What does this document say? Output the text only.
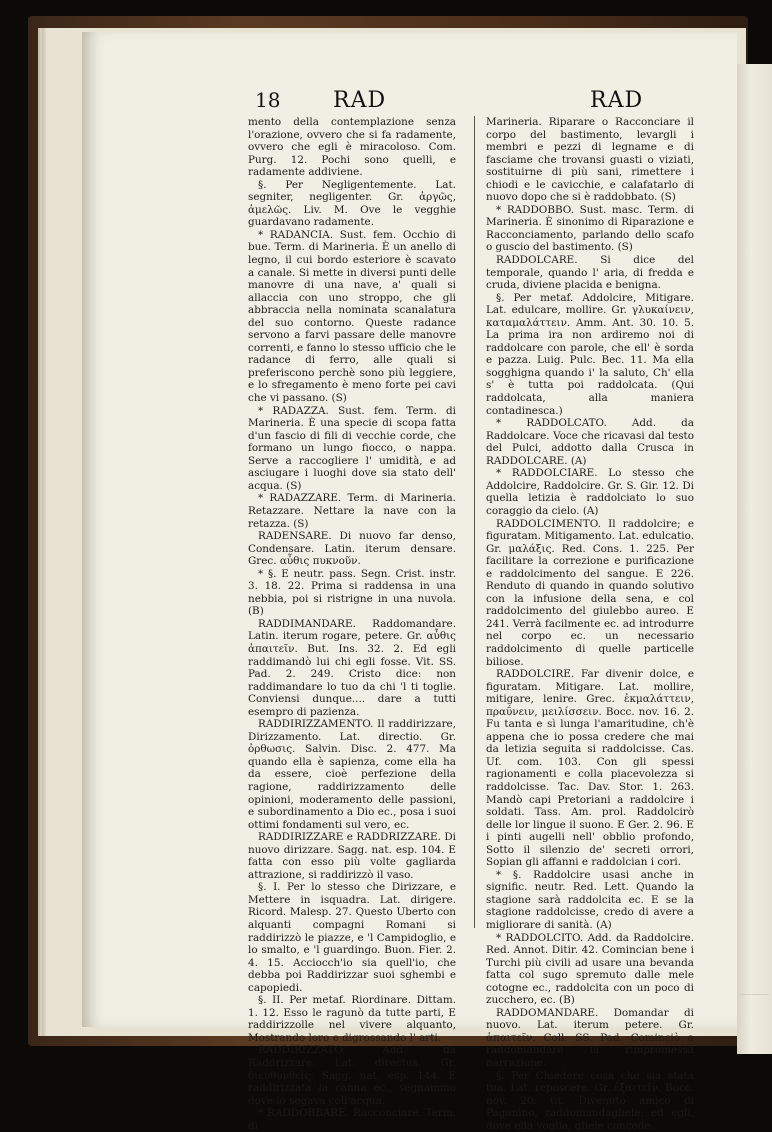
18 RAD	RAD

mento della contemplazione senza l'orazione, ovvero che si fa radamente, ovvero che egli è miracoloso. Com. Purg. 12. Pochi sono quelli, e radamente addiviene.

§. Per Negligentemente. Lat. segniter, negligenter. Gr. ἀργῶς, ἀμελῶς. Liv. M. Ove le vegghie guardavano radamente.

* RADANCIA. Sust. fem. Occhio di bue. Term. di Marineria. È un anello di legno, il cui bordo esteriore è scavato a canale. Si mette in diversi punti delle manovre di una nave, a' quali si allaccia con uno stroppo, che gli abbraccia nella nominata scanalatura del suo contorno. Queste radance servono a farvi passare delle manovre correnti, e fanno lo stesso ufficio che le radance di ferro, alle quali si preferiscono perchè sono più leggiere, e lo sfregamento è meno forte pei cavi che vi passano. (S)

* RADAZZA. Sust. fem. Term. di Marineria. È una specie di scopa fatta d'un fascio di fili di vecchie corde, che formano un lungo fiocco, o nappa. Serve a raccogliere l' umidità, e ad asciugare i luoghi dove sia stato dell' acqua. (S)

* RADAZZARE. Term. di Marineria. Retazzare. Nettare la nave con la retazza. (S)

RADENSARE. Di nuovo far denso, Condensare. Latin. iterum densare. Grec. αὖθις πυκνοῦν.

* §. E neutr. pass. Segn. Crist. instr. 3. 18. 22. Prima si raddensa in una nebbia, poi si ristrigne in una nuvola. (B)

RADDIMANDARE. Raddomandare. Latin. iterum rogare, petere. Gr. αὖθις ἀπαιτεῖν. But. Ins. 32. 2. Ed egli raddimandò lui chi egli fosse. Vit. SS. Pad. 2. 249. Cristo dice: non raddimandare lo tuo da chi 'l ti toglie. Conviensi dunque.... dare a tutti esempro di pazienza.

RADDIRIZZAMENTO. Il raddirizzare, Dirizzamento. Lat. directio. Gr. ὀρθωσις. Salvin. Disc. 2. 477. Ma quando ella è sapienza, come ella ha da essere, cioè perfezione della ragione, raddirizzamento delle opinioni, moderamento delle passioni, e subordinamento a Dio ec., posa i suoi ottimi fondamenti sul vero, ec.

RADDIRIZZARE e RADDRIZZARE. Di nuovo dirizzare. Sagg. nat. esp. 104. E fatta con esso più volte gagliarda attrazione, si raddirizzò il vaso.

§. I. Per lo stesso che Dirizzare, e Mettere in isquadra. Lat. dirigere. Ricord. Malesp. 27. Questo Uberto con alquanti compagni Romani si raddirizzò le piazze, e 'l Campidoglio, e lo smalto, e 'l guardingo. Buon. Fier. 2. 4. 15. Acciocch'io sia quell'io, che debba poi Raddirizzar suoi sghembi e capopiedi.

§. II. Per metaf. Riordinare. Dittam. 1. 12. Esso le ragunò da tutte parti, E raddirizzolle nel vivere alquanto, Mostrando loro e digrossando l' arti.

RADDIRIZZATO. Add. da Raddrizzare. Lat. directus. Gr. διευθυνθεὶς. Sagg. nat. esp. 144. E raddirizzata la canna ec., segnammo dove lo segava coll'acqua.

* RADDOBBARE. Racconciare. Term. di

Marineria. Riparare o Racconciare il corpo del bastimento, levargli i membri e pezzi di legname e di fasciame che trovansi guasti o viziati, sostituirne di più sani, rimettere i chiodi e le cavicchie, e calafatarlo di nuovo dopo che si è raddobbato. (S)

* RADDOBBO. Sust. masc. Term. di Marineria. È sinonimo di Riparazione e Racconciamento, parlando dello scafo o guscio del bastimento. (S)

RADDOLCARE. Si dice del temporale, quando l' aria, di fredda e cruda, diviene placida e benigna.

§. Per metaf. Addolcire, Mitigare. Lat. edulcare, mollire. Gr. γλυκαίνειν, καταμαλάττειν. Amm. Ant. 30. 10. 5. La prima ira non ardiremo noi di raddolcare con parole, che ell' è sorda e pazza. Luig. Pulc. Bec. 11. Ma ella sogghigna quando i' la saluto, Ch' ella s' è tutta poi raddolcata. (Qui raddolcata, alla maniera contadinesca.)

* RADDOLCATO. Add. da Raddolcare. Voce che ricavasi dal testo del Pulci, addotto dalla Crusca in RADDOLCARE. (A)

* RADDOLCIARE. Lo stesso che Addolcire, Raddolcire. Gr. S. Gir. 12. Di quella letizia è raddolciato lo suo coraggio da cielo. (A)

RADDOLCIMENTO. Il raddolcire; e figuratam. Mitigamento. Lat. edulcatio. Gr. μαλάξις. Red. Cons. 1. 225. Per facilitare la correzione e purificazione e raddolcimento del sangue. E 226. Renduto di quando in quando solutivo con la infusione della sena, e col raddolcimento del giulebbo aureo. E 241. Verrà facilmente ec. ad introdurre nel corpo ec. un necessario raddolcimento di quelle particelle biliose.

RADDOLCIRE. Far divenir dolce, e figuratam. Mitigare. Lat. mollire, mitigare, lenire. Grec. ἐκμαλάττειν, πραΰνειν, μειλίσσειν. Bocc. nov. 16. 2. Fu tanta e sì lunga l'amaritudine, ch'è appena che io possa credere che mai da letizia seguita si raddolcisse. Cas. Uf. com. 103. Con gli spessi ragionamenti e colla piacevolezza si raddolcisse. Tac. Dav. Stor. 1. 263. Mandò capi Pretoriani a raddolcire i soldati. Tass. Am. prol. Raddolcirò delle lor lingue il suono. E Ger. 2. 96. E i pinti augelli nell' obblio profondo, Sotto il silenzio de' secreti orrori, Sopian gli affanni e raddolcian i cori.

* §. Raddolcire usasi anche in signific. neutr. Red. Lett. Quando la stagione sarà raddolcita ec. E se la stagione raddolcisse, credo di avere a migliorare di sanità. (A)

* RADDOLCITO. Add. da Raddolcire. Red. Annot. Ditir. 42. Comincian bene i Turchi più civili ad usare una bevanda fatta col sugo spremuto dalle mele cotogne ec., raddolcita con un poco di zucchero, ec. (B)

RADDOMANDARE. Domandar di nuovo. Lat. iterum petere. Gr. ἀπαιτεῖν. Coll. SS. Pad. Cominciò a raddomandare la rimpromessa narrazione.

§. Per Chiedere cosa che sia stata tua. Lat. reposcere. Gr. ἐξαιτεῖν. Bocc. nov. 20. tit. Divenuto amico di Paganino, raddomandagliele; ed egli, dove ella voglia, gliele concede.
